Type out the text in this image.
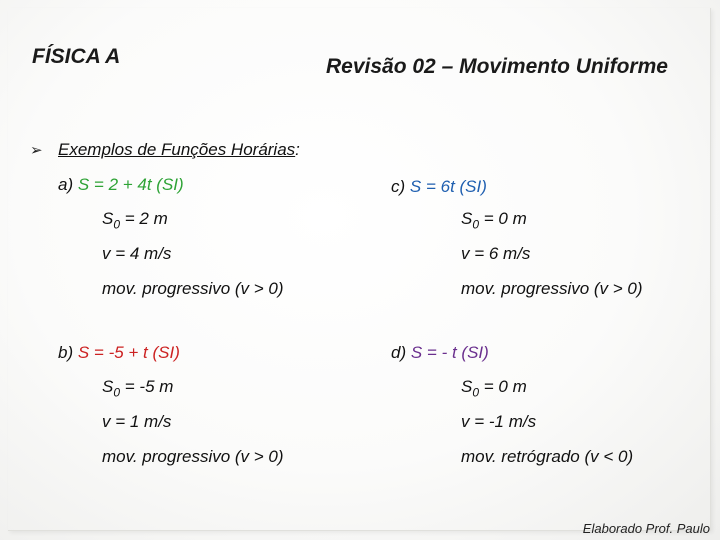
FÍSICA A	Revisão 02 – Movimento Uniforme
➢ Exemplos de Funções Horárias:
a) S = 2 + 4t (SI)
$S_0 = 2$ m
v = 4 m/s
mov. progressivo (v > 0)
b) S = -5 + t (SI)
$S_0 = -5$ m
v = 1 m/s
mov. progressivo (v > 0)
c) S = 6t (SI)
$S_0 = 0$ m
v = 6 m/s
mov. progressivo (v > 0)
d) S = - t (SI)
$S_0 = 0$ m
v = -1 m/s
mov. retrógrado (v < 0)
Elaborado Prof. Paulo
